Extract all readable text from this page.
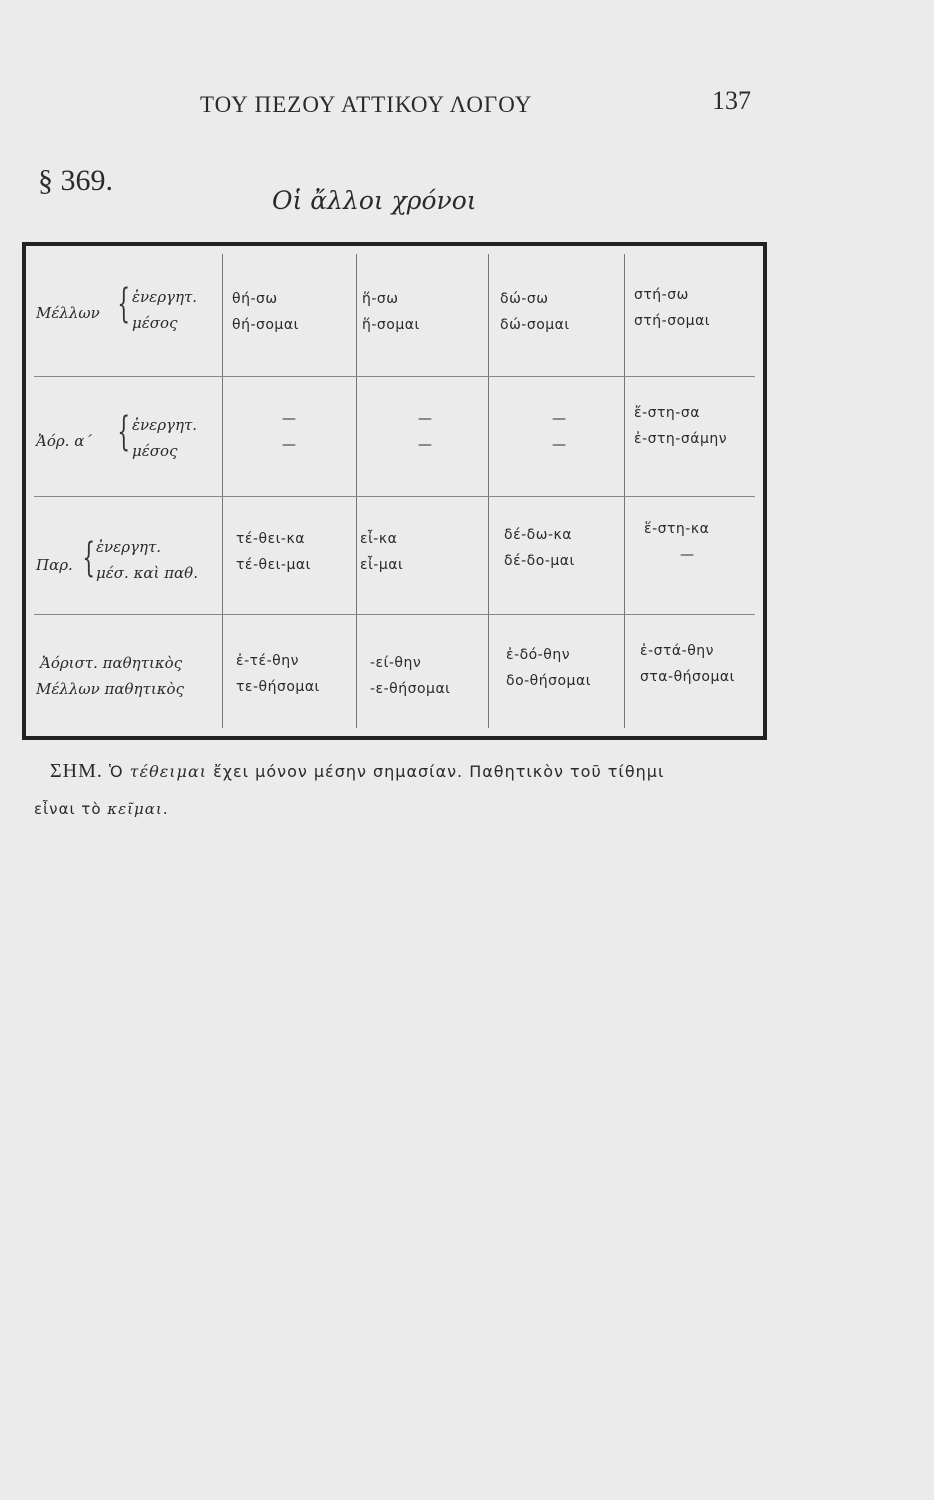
ΤΟΥ ΠΕΖΟΥ ΑΤΤΙΚΟΥ ΛΟΓΟΥ	137
§ 369.
Οἱ ἄλλοι χρόνοι
Μέλλων { ἐνεργητ.
μέσος
θή-σω
θή-σομαι
ἥ-σω
ἥ-σομαι
δώ-σω
δώ-σομαι
στή-σω
στή-σομαι
Ἀόρ. α΄ { ἐνεργητ.
μέσος
—
—
—
—
—
—
ἔ-στη-σα
ἐ-στη-σάμην
Παρ. { ἐνεργητ.
μέσ. καὶ παθ.
τέ-θει-κα
τέ-θει-μαι
εἶ-κα
εἶ-μαι
δέ-δω-κα
δέ-δο-μαι
ἕ-στη-κα
—
Ἀόριστ. παθητικὸς
Μέλλων παθητικὸς
ἐ-τέ-θην
τε-θήσομαι
-εί-θην
-ε-θήσομαι
ἐ-δό-θην
δο-θήσομαι
ἐ-στά-θην
στα-θήσομαι
ΣΗΜ. Ὁ τέθειμαι ἔχει μόνον μέσην σημασίαν. Παθητικὸν τοῦ τίθημι
εἶναι τὸ κεῖμαι.
